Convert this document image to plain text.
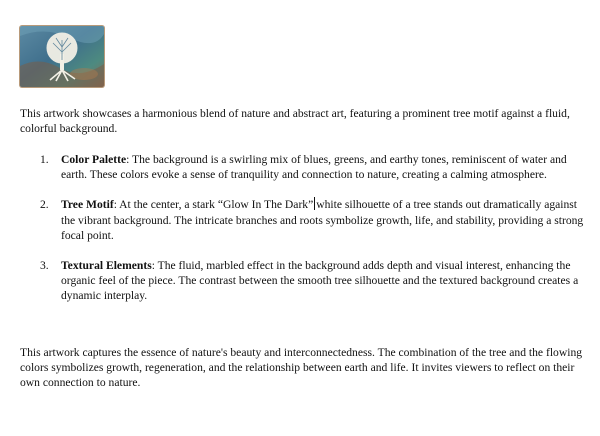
This artwork showcases a harmonious blend of nature and abstract art, featuring a prominent tree motif against a fluid, colorful background.

1. Color Palette: The background is a swirling mix of blues, greens, and earthy tones, reminiscent of water and earth. These colors evoke a sense of tranquility and connection to nature, creating a calming atmosphere.
2. Tree Motif: At the center, a stark “Glow In The Dark” white silhouette of a tree stands out dramatically against the vibrant background. The intricate branches and roots symbolize growth, life, and stability, providing a strong focal point.
3. Textural Elements: The fluid, marbled effect in the background adds depth and visual interest, enhancing the organic feel of the piece. The contrast between the smooth tree silhouette and the textured background creates a dynamic interplay.

This artwork captures the essence of nature's beauty and interconnectedness. The combination of the tree and the flowing colors symbolizes growth, regeneration, and the relationship between earth and life. It invites viewers to reflect on their own connection to nature.
